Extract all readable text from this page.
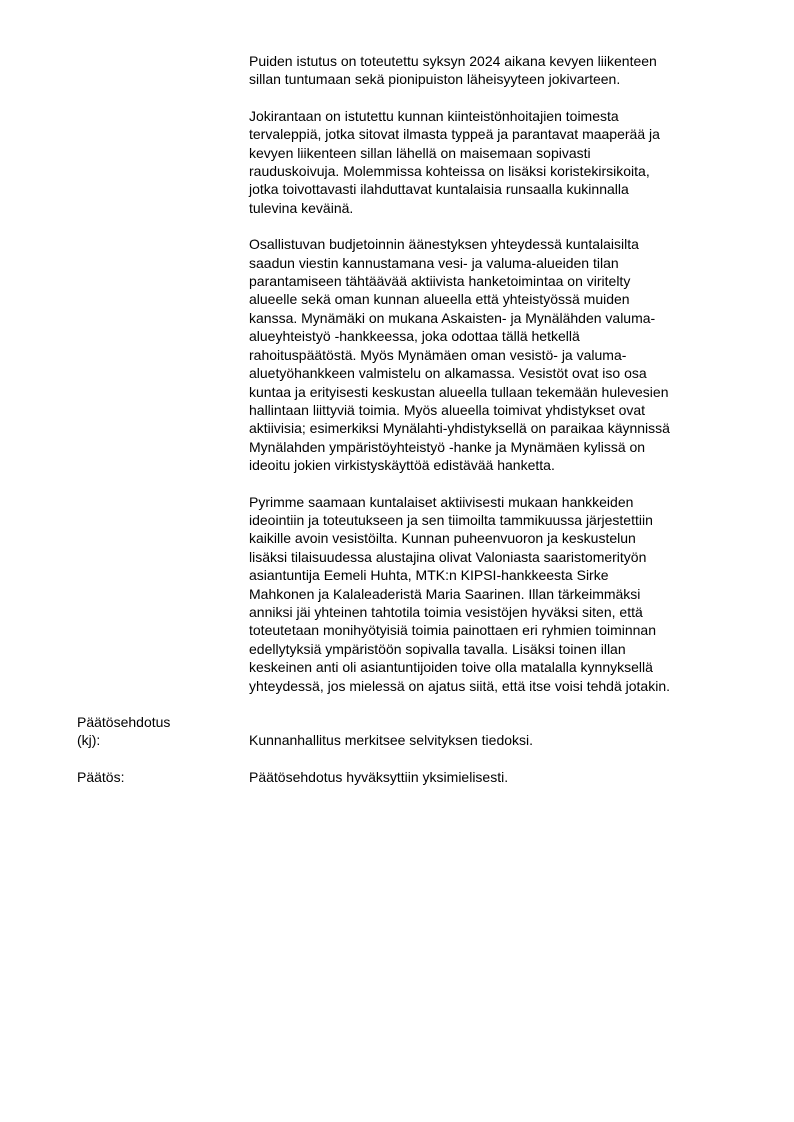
Puiden istutus on toteutettu syksyn 2024 aikana kevyen liikenteen
sillan tuntumaan sekä pionipuiston läheisyyteen jokivarteen.
Jokirantaan on istutettu kunnan kiinteistönhoitajien toimesta
tervaleppiä, jotka sitovat ilmasta typpeä ja parantavat maaperää ja
kevyen liikenteen sillan lähellä on maisemaan sopivasti
rauduskoivuja. Molemmissa kohteissa on lisäksi koristekirsikoita,
jotka toivottavasti ilahduttavat kuntalaisia runsaalla kukinnalla
tulevina keväinä.
Osallistuvan budjetoinnin äänestyksen yhteydessä kuntalaisilta
saadun viestin kannustamana vesi- ja valuma-alueiden tilan
parantamiseen tähtäävää aktiivista hanketoimintaa on viritelty
alueelle sekä oman kunnan alueella että yhteistyössä muiden
kanssa. Mynämäki on mukana Askaisten- ja Mynälähden valuma-
alueyhteistyö -hankkeessa, joka odottaa tällä hetkellä
rahoituspäätöstä. Myös Mynämäen oman vesistö- ja valuma-
aluetyöhankkeen valmistelu on alkamassa. Vesistöt ovat iso osa
kuntaa ja erityisesti keskustan alueella tullaan tekemään hulevesien
hallintaan liittyviä toimia. Myös alueella toimivat yhdistykset ovat
aktiivisia; esimerkiksi Mynälahti-yhdistyksellä on paraikaa käynnissä
Mynälahden ympäristöyhteistyö -hanke ja Mynämäen kylissä on
ideoitu jokien virkistyskäyttöä edistävää hanketta.
Pyrimme saamaan kuntalaiset aktiivisesti mukaan hankkeiden
ideointiin ja toteutukseen ja sen tiimoilta tammikuussa järjestettiin
kaikille avoin vesistöilta. Kunnan puheenvuoron ja keskustelun
lisäksi tilaisuudessa alustajina olivat Valoniasta saaristomerityön
asiantuntija Eemeli Huhta, MTK:n KIPSI-hankkeesta Sirke
Mahkonen ja Kalaleaderistä Maria Saarinen. Illan tärkeimmäksi
anniksi jäi yhteinen tahtotila toimia vesistöjen hyväksi siten, että
toteutetaan monihyötyisiä toimia painottaen eri ryhmien toiminnan
edellytyksiä ympäristöön sopivalla tavalla. Lisäksi toinen illan
keskeinen anti oli asiantuntijoiden toive olla matalalla kynnyksellä
yhteydessä, jos mielessä on ajatus siitä, että itse voisi tehdä jotakin.
Päätösehdotus
(kj):	Kunnanhallitus merkitsee selvityksen tiedoksi.
Päätös:	Päätösehdotus hyväksyttiin yksimielisesti.
